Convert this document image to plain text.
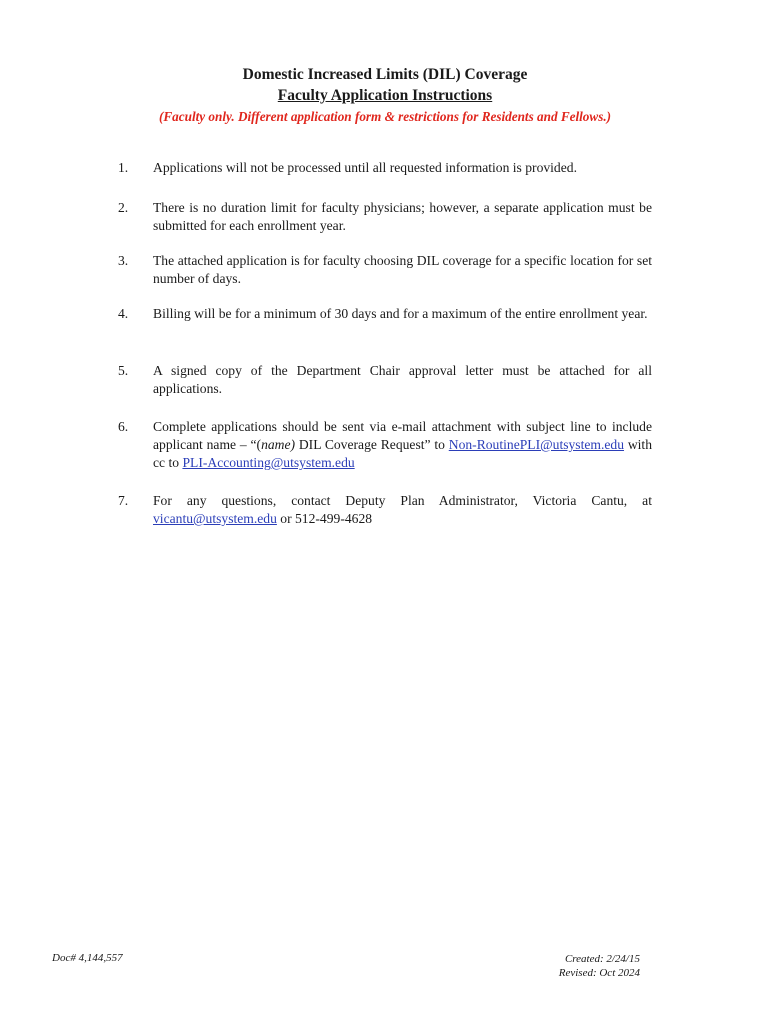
Domestic Increased Limits (DIL) Coverage
Faculty Application Instructions
(Faculty only. Different application form & restrictions for Residents and Fellows.)
1.	Applications will not be processed until all requested information is provided.
2.	There is no duration limit for faculty physicians; however, a separate application must be submitted for each enrollment year.
3.	The attached application is for faculty choosing DIL coverage for a specific location for set number of days.
4.	Billing will be for a minimum of 30 days and for a maximum of the entire enrollment year.
5.	A signed copy of the Department Chair approval letter must be attached for all applications.
6.	Complete applications should be sent via e-mail attachment with subject line to include applicant name – “(name) DIL Coverage Request” to Non-RoutinePLI@utsystem.edu with cc to PLI-Accounting@utsystem.edu
7.	For any questions, contact Deputy Plan Administrator, Victoria Cantu, at vicantu@utsystem.edu or 512-499-4628
Doc# 4,144,557	Created: 2/24/15
Revised: Oct 2024
